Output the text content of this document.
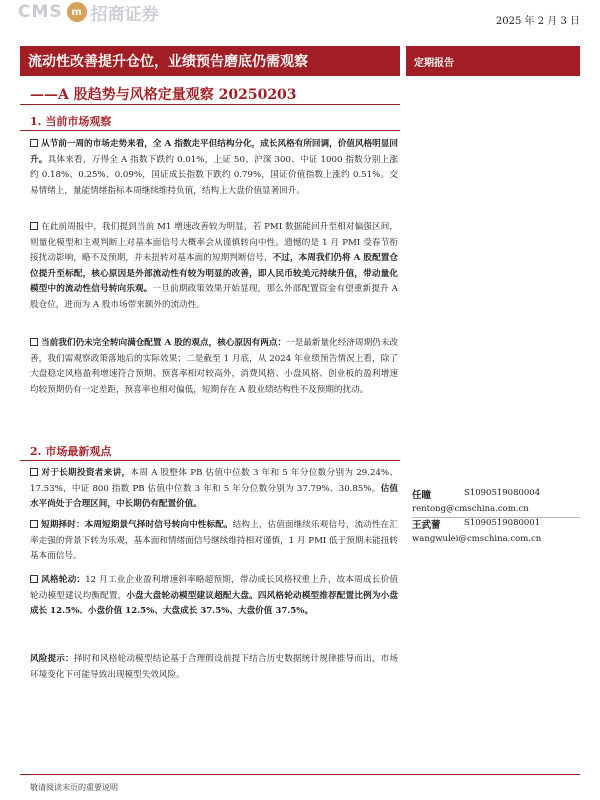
CMS m 招商证券	2025 年 2 月 3 日
流动性改善提升仓位，业绩预告磨底仍需观察	定期报告
——A 股趋势与风格定量观察 20250203
1. 当前市场观察
从节前一周的市场走势来看，全 A 指数走平但结构分化，成长风格有所回调，价值风格明显回升。具体来看，万得全 A 指数下跌约 0.01%，上证 50、沪深 300、中证 1000 指数分别上涨约 0.18%、0.25%、0.09%，国证成长指数下跌约 0.79%，国证价值指数上涨约 0.51%。交易情绪上，量能情绪指标本周继续维持负值，结构上大盘价值显著回升。
在此前周报中，我们提到当前 M1 增速改善较为明显，若 PMI 数据能回升至相对偏强区间，则量化模型和主观判断上对基本面信号大概率会从谨慎转向中性。遗憾的是 1 月 PMI 受春节衔接扰动影响，略不及预期，并未扭转对基本面的短期判断信号，不过，本周我们仍将 A 股配置仓位提升至标配，核心原因是外部流动性有较为明显的改善，即人民币较美元持续升值，带动量化模型中的流动性信号转向乐观。一旦前期政策效果开始显现，那么外部配置资金有望重新提升 A 股仓位，进而为 A 股市场带来额外的流动性。
当前我们仍未完全转向满仓配置 A 股的观点，核心原因有两点：一是最新量化经济周期仍未改善，我们需观察政策落地后的实际效果；二是截至 1 月底，从 2024 年业绩预告情况上看，除了大盘稳定风格盈利增速符合预期、预喜率相对较高外，消费风格、小盘风格、创业板的盈利增速均较预期仍有一定差距，预喜率也相对偏低，短期存在 A 股业绩结构性不及预期的扰动。
2. 市场最新观点
对于长期投资者来讲，本周 A 股整体 PB 估值中位数 3 年和 5 年分位数分别为 29.24%、17.53%，中证 800 指数 PB 估值中位数 3 年和 5 年分位数分别为 37.79%、30.85%。估值水平尚处于合理区间，中长期仍有配置价值。
短期择时：本周短期景气择时信号转向中性标配。结构上，估值面继续乐观信号，流动性在汇率走强的背景下转为乐观，基本面和情绪面信号继续维持相对谨慎，1 月 PMI 低于预期未能扭转基本面信号。
风格轮动：12 月工业企业盈利增速斜率略超预期，带动成长风格权重上升，故本周成长价值轮动模型建议均衡配置，小盘大盘轮动模型建议超配大盘。四风格轮动模型推荐配置比例为小盘成长 12.5%、小盘价值 12.5%、大盘成长 37.5%、大盘价值 37.5%。
风险提示：择时和风格轮动模型结论基于合理假设前提下结合历史数据统计规律推导而出，市场环境变化下可能导致出现模型失效风险。
任瞳	S1090519080004
rentong@cmschina.com.cn
王武蕾	S1090519080001
wangwulei@cmschina.com.cn
敬请阅读末页的重要说明
